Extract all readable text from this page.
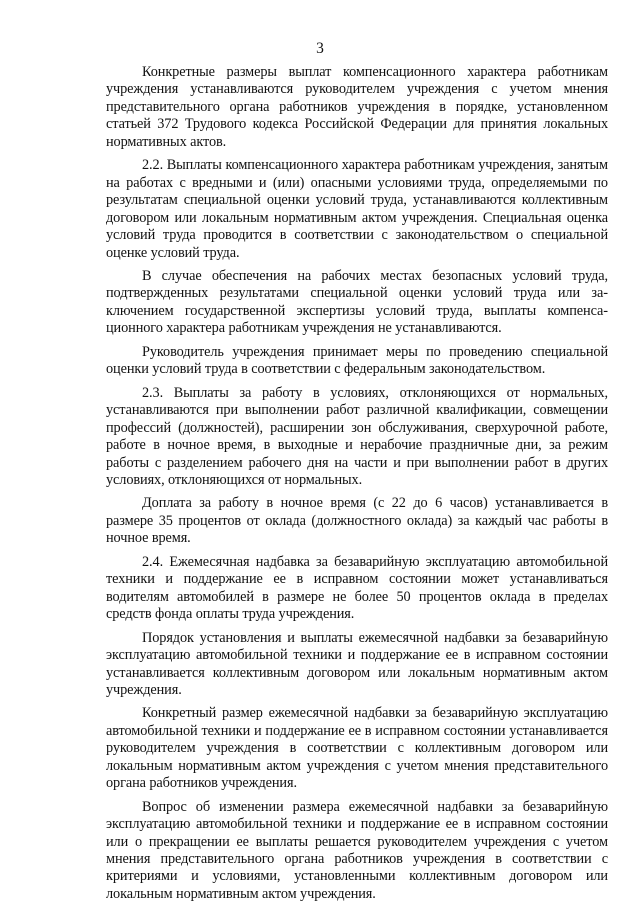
3

Конкретные размеры выплат компенсационного характера работникам учреждения устанавливаются руководителем учреждения с учетом мнения представительного органа работников учреждения в порядке, установленном статьей 372 Трудового кодекса Российской Федерации для принятия локальных нормативных актов.

2.2. Выплаты компенсационного характера работникам учреждения, занятым на работах с вредными и (или) опасными условиями труда, определяемыми по результатам специальной оценки условий труда, устанавливаются коллективным договором или локальным нормативным актом учреждения. Специальная оценка условий труда проводится в соответствии с законодательством о специальной оценке условий труда.

В случае обеспечения на рабочих местах безопасных условий труда, подтвержденных результатами специальной оценки условий труда или заключением государственной экспертизы условий труда, выплаты компенсационного характера работникам учреждения не устанавливаются.

Руководитель учреждения принимает меры по проведению специальной оценки условий труда в соответствии с федеральным законодательством.

2.3. Выплаты за работу в условиях, отклоняющихся от нормальных, устанавливаются при выполнении работ различной квалификации, совмещении профессий (должностей), расширении зон обслуживания, сверхурочной работе, работе в ночное время, в выходные и нерабочие праздничные дни, за режим работы с разделением рабочего дня на части и при выполнении работ в других условиях, отклоняющихся от нормальных.

Доплата за работу в ночное время (с 22 до 6 часов) устанавливается в размере 35 процентов от оклада (должностного оклада) за каждый час работы в ночное время.

2.4. Ежемесячная надбавка за безаварийную эксплуатацию автомобильной техники и поддержание ее в исправном состоянии может устанавливаться водителям автомобилей в размере не более 50 процентов оклада в пределах средств фонда оплаты труда учреждения.

Порядок установления и выплаты ежемесячной надбавки за безаварийную эксплуатацию автомобильной техники и поддержание ее в исправном состоянии устанавливается коллективным договором или локальным нормативным актом учреждения.

Конкретный размер ежемесячной надбавки за безаварийную эксплуатацию автомобильной техники и поддержание ее в исправном состоянии устанавливается руководителем учреждения в соответствии с коллективным договором или локальным нормативным актом учреждения с учетом мнения представительного органа работников учреждения.

Вопрос об изменении размера ежемесячной надбавки за безаварийную эксплуатацию автомобильной техники и поддержание ее в исправном состоянии или о прекращении ее выплаты решается руководителем учреждения с учетом мнения представительного органа работников учреждения в соответствии с критериями и условиями, установленными коллективным договором или локальным нормативным актом учреждения.
